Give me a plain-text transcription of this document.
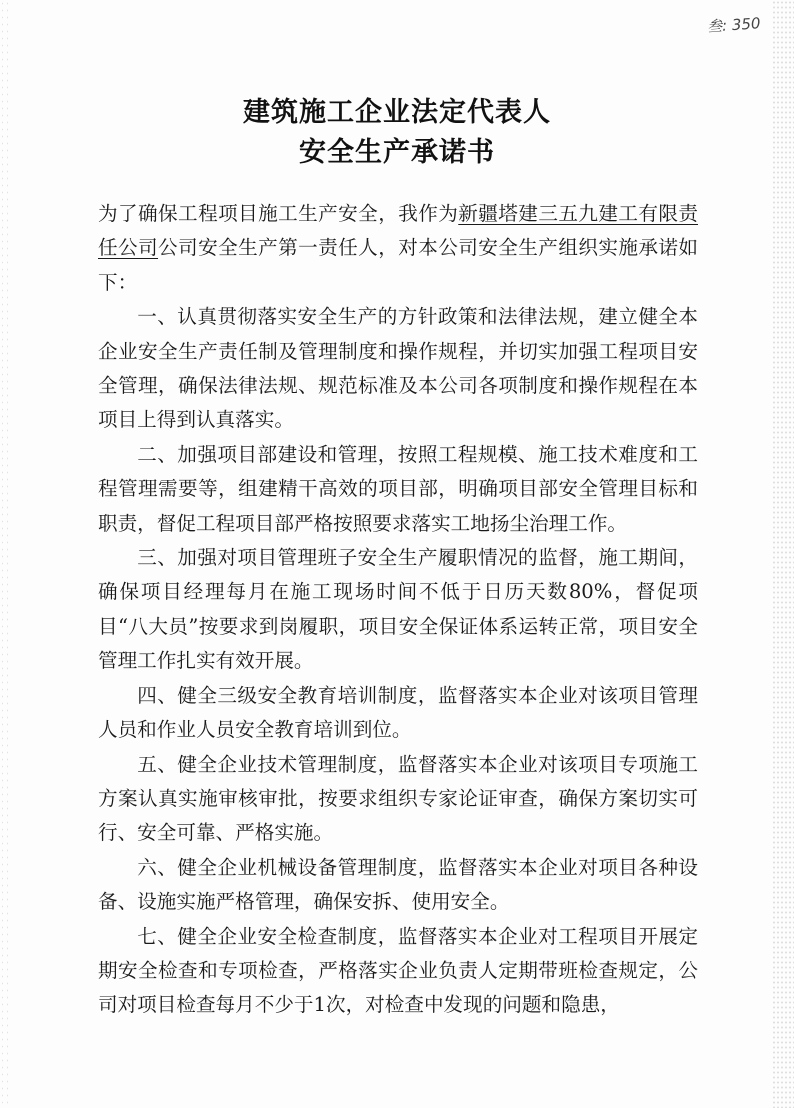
叁: 350
建筑施工企业法定代表人
安全生产承诺书

为了确保工程项目施工生产安全，我作为新疆塔建三五九建工有限责任公司公司安全生产第一责任人，对本公司安全生产组织实施承诺如下：

一、认真贯彻落实安全生产的方针政策和法律法规，建立健全本企业安全生产责任制及管理制度和操作规程，并切实加强工程项目安全管理，确保法律法规、规范标准及本公司各项制度和操作规程在本项目上得到认真落实。

二、加强项目部建设和管理，按照工程规模、施工技术难度和工程管理需要等，组建精干高效的项目部，明确项目部安全管理目标和职责，督促工程项目部严格按照要求落实工地扬尘治理工作。

三、加强对项目管理班子安全生产履职情况的监督，施工期间，确保项目经理每月在施工现场时间不低于日历天数80%，督促项目“八大员”按要求到岗履职，项目安全保证体系运转正常，项目安全管理工作扎实有效开展。

四、健全三级安全教育培训制度，监督落实本企业对该项目管理人员和作业人员安全教育培训到位。

五、健全企业技术管理制度，监督落实本企业对该项目专项施工方案认真实施审核审批，按要求组织专家论证审查，确保方案切实可行、安全可靠、严格实施。

六、健全企业机械设备管理制度，监督落实本企业对项目各种设备、设施实施严格管理，确保安拆、使用安全。

七、健全企业安全检查制度，监督落实本企业对工程项目开展定期安全检查和专项检查，严格落实企业负责人定期带班检查规定，公司对项目检查每月不少于1次，对检查中发现的问题和隐患，
